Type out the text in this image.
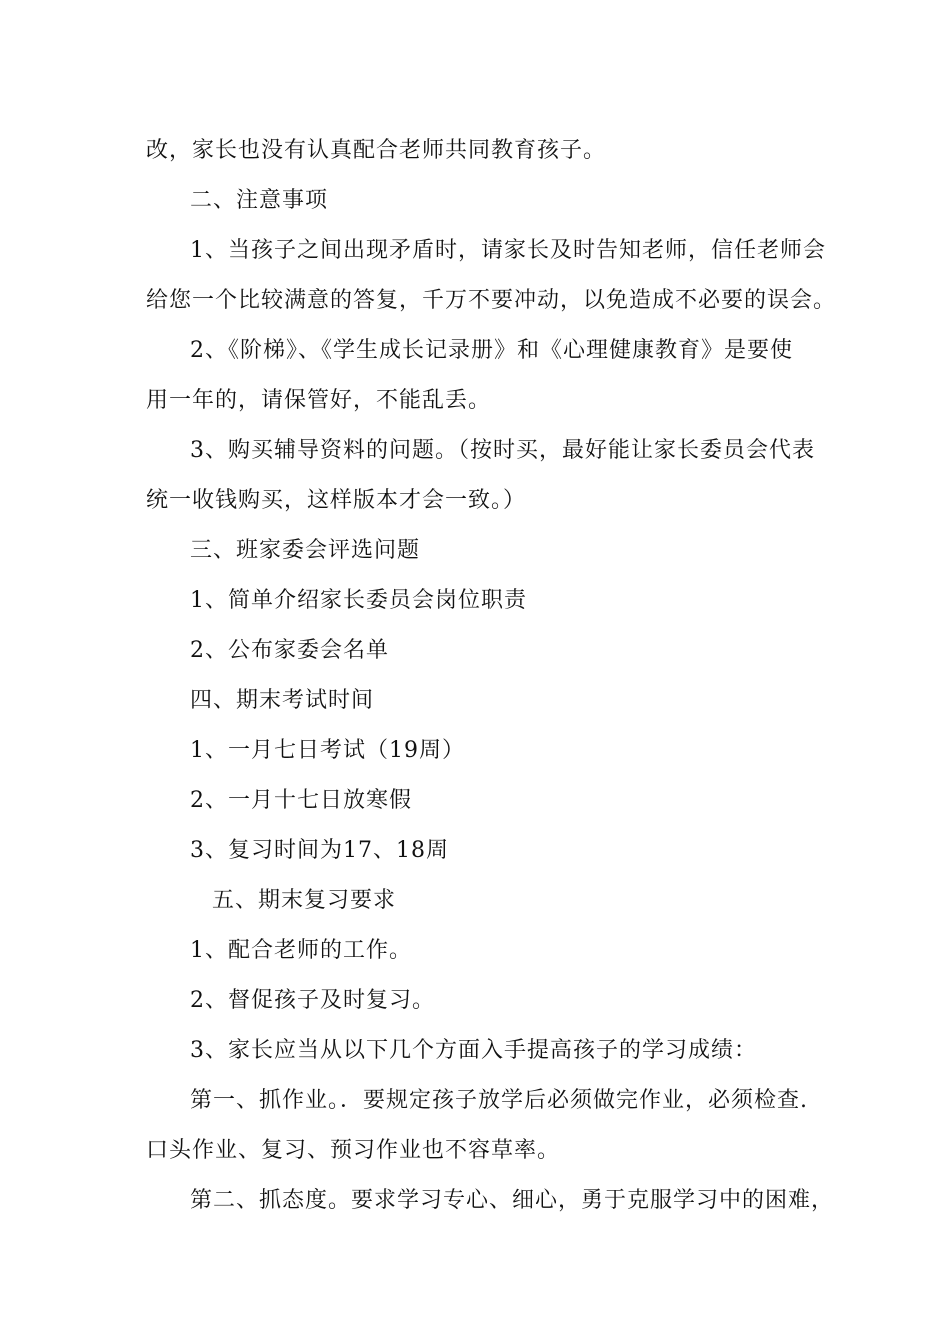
改，家长也没有认真配合老师共同教育孩子。
二、注意事项
1、当孩子之间出现矛盾时，请家长及时告知老师，信任老师会
给您一个比较满意的答复，千万不要冲动，以免造成不必要的误会。
2、《阶梯》、《学生成长记录册》和《心理健康教育》是要使
用一年的，请保管好，不能乱丢。
3、购买辅导资料的问题。（按时买，最好能让家长委员会代表
统一收钱购买，这样版本才会一致。）
三、班家委会评选问题
1、简单介绍家长委员会岗位职责
2、公布家委会名单
四、期末考试时间
1、一月七日考试（19周）
2、一月十七日放寒假
3、复习时间为17、18周
五、期末复习要求
1、配合老师的工作。
2、督促孩子及时复习。
3、家长应当从以下几个方面入手提高孩子的学习成绩：
第一、抓作业。．要规定孩子放学后必须做完作业，必须检查.
口头作业、复习、预习作业也不容草率。
第二、抓态度。要求学习专心、细心，勇于克服学习中的困难，
